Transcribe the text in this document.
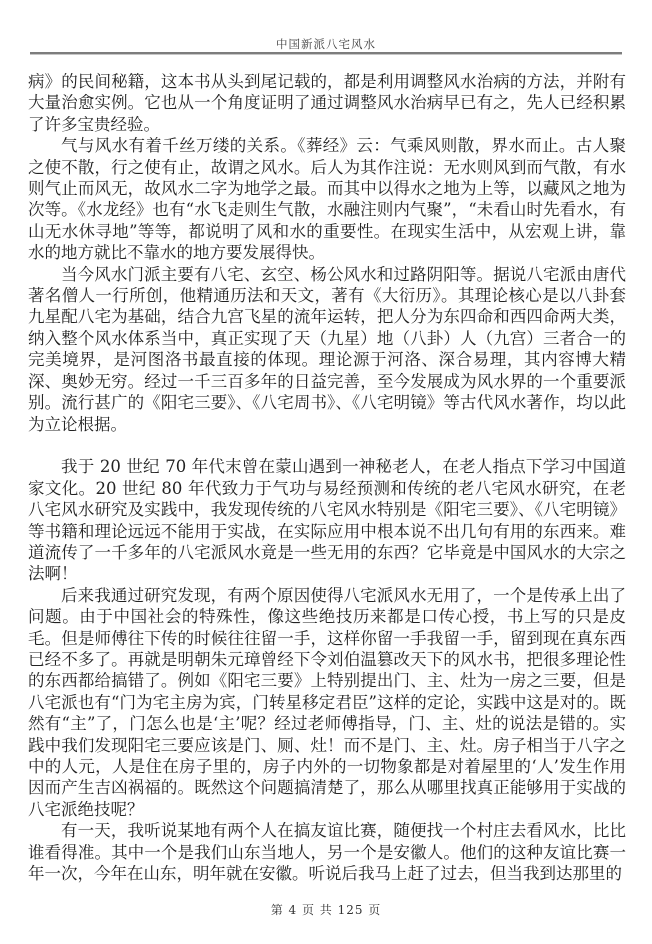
中国新派八宅风水

病》的民间秘籍，这本书从头到尾记载的，都是利用调整风水治病的方法，并附有大量治愈实例。它也从一个角度证明了通过调整风水治病早已有之，先人已经积累了许多宝贵经验。

气与风水有着千丝万缕的关系。《葬经》云：气乘风则散，界水而止。古人聚之使不散，行之使有止，故谓之风水。后人为其作注说：无水则风到而气散，有水则气止而风无，故风水二字为地学之最。而其中以得水之地为上等，以藏风之地为次等。《水龙经》也有“水飞走则生气散，水融注则内气聚”，“未看山时先看水，有山无水休寻地”等等，都说明了风和水的重要性。在现实生活中，从宏观上讲，靠水的地方就比不靠水的地方要发展得快。

当今风水门派主要有八宅、玄空、杨公风水和过路阴阳等。据说八宅派由唐代著名僧人一行所创，他精通历法和天文，著有《大衍历》。其理论核心是以八卦套九星配八宅为基础，结合九宫飞星的流年运转，把人分为东四命和西四命两大类，纳入整个风水体系当中，真正实现了天（九星）地（八卦）人（九宫）三者合一的完美境界，是河图洛书最直接的体现。理论源于河洛、深合易理，其内容博大精深、奥妙无穷。经过一千三百多年的日益完善，至今发展成为风水界的一个重要派别。流行甚广的《阳宅三要》、《八宅周书》、《八宅明镜》等古代风水著作，均以此为立论根据。

我于 20 世纪 70 年代末曾在蒙山遇到一神秘老人，在老人指点下学习中国道家文化。20 世纪 80 年代致力于气功与易经预测和传统的老八宅风水研究，在老八宅风水研究及实践中，我发现传统的八宅风水特别是《阳宅三要》、《八宅明镜》等书籍和理论远远不能用于实战，在实际应用中根本说不出几句有用的东西来。难道流传了一千多年的八宅派风水竟是一些无用的东西？它毕竟是中国风水的大宗之法啊！

后来我通过研究发现，有两个原因使得八宅派风水无用了，一个是传承上出了问题。由于中国社会的特殊性，像这些绝技历来都是口传心授，书上写的只是皮毛。但是师傅往下传的时候往往留一手，这样你留一手我留一手，留到现在真东西已经不多了。再就是明朝朱元璋曾经下令刘伯温篡改天下的风水书，把很多理论性的东西都给搞错了。例如《阳宅三要》上特别提出门、主、灶为一房之三要，但是八宅派也有“门为宅主房为宾，门转星移定君臣”这样的定论，实践中这是对的。既然有“主”了，门怎么也是‘主’呢？经过老师傅指导，门、主、灶的说法是错的。实践中我们发现阳宅三要应该是门、厕、灶！而不是门、主、灶。房子相当于八字之中的人元，人是住在房子里的，房子内外的一切物象都是对着屋里的‘人’发生作用因而产生吉凶祸福的。既然这个问题搞清楚了，那么从哪里找真正能够用于实战的八宅派绝技呢？

有一天，我听说某地有两个人在搞友谊比赛，随便找一个村庄去看风水，比比谁看得准。其中一个是我们山东当地人，另一个是安徽人。他们的这种友谊比赛一年一次，今年在山东，明年就在安徽。听说后我马上赶了过去，但当我到达那里的

第 4 页 共 125 页
